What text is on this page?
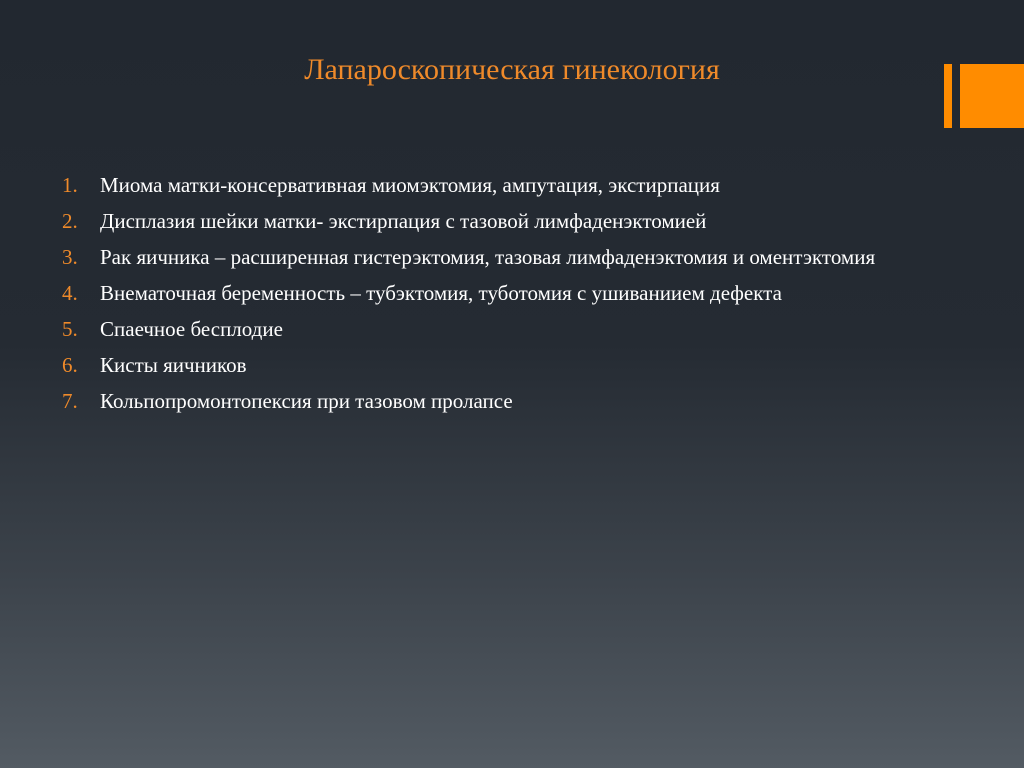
Лапароскопическая гинекология
1. Миома матки-консервативная миомэктомия, ампутация, экстирпация
2. Дисплазия шейки матки- экстирпация с тазовой лимфаденэктомией
3. Рак яичника – расширенная гистерэктомия, тазовая лимфаденэктомия и оментэктомия
4. Внематочная беременность – тубэктомия, туботомия с ушиваниием дефекта
5. Спаечное бесплодие
6. Кисты яичников
7. Кольпопромонтопексия при тазовом пролапсе
